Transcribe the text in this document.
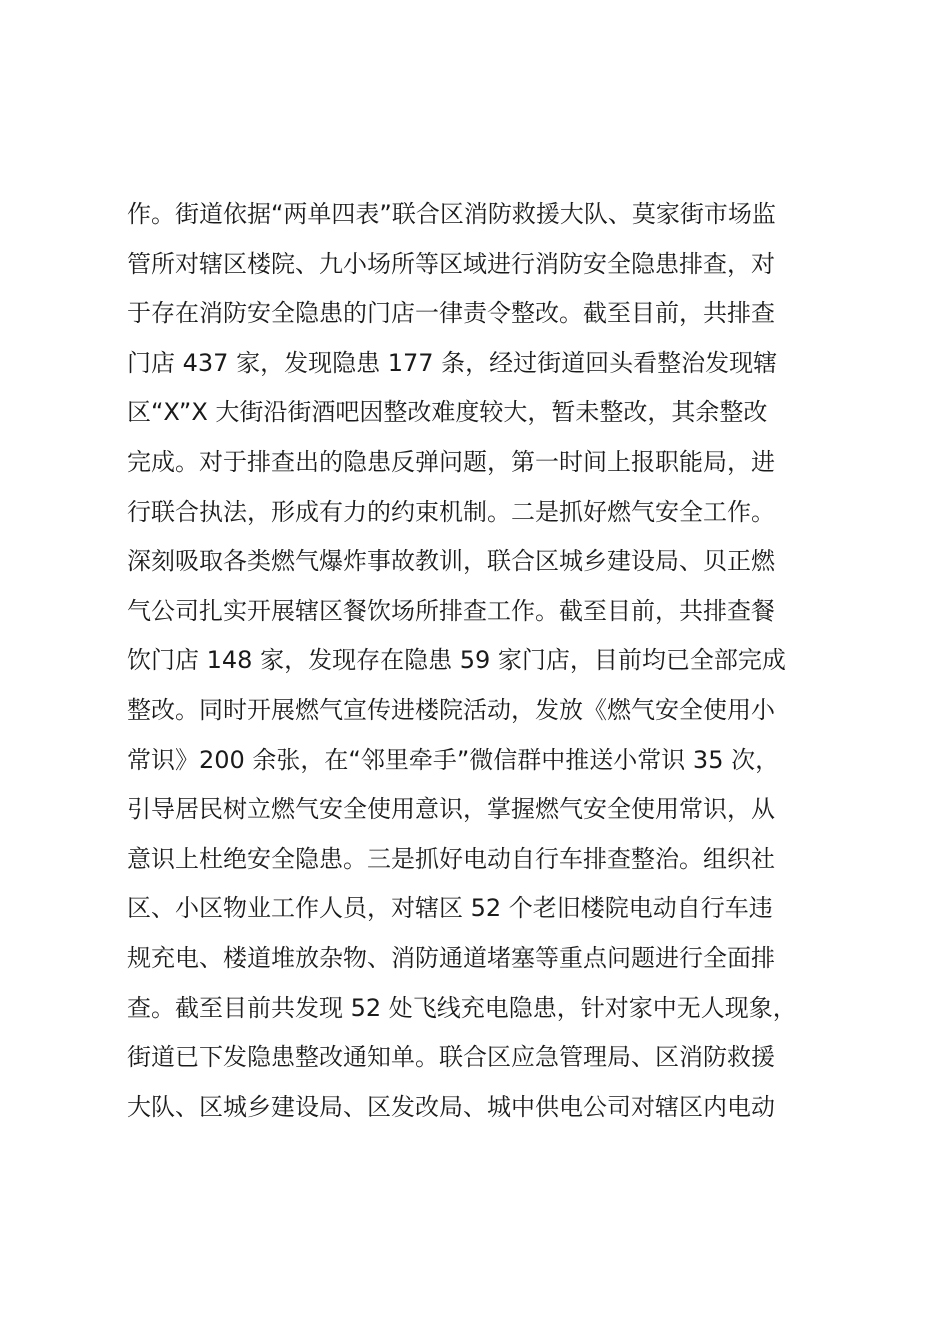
作。街道依据“两单四表”联合区消防救援大队、莫家街市场监
管所对辖区楼院、九小场所等区域进行消防安全隐患排查，对
于存在消防安全隐患的门店一律责令整改。截至目前，共排查
门店 437 家，发现隐患 177 条，经过街道回头看整治发现辖
区“X”X 大街沿街酒吧因整改难度较大，暂未整改，其余整改
完成。对于排查出的隐患反弹问题，第一时间上报职能局，进
行联合执法，形成有力的约束机制。二是抓好燃气安全工作。
深刻吸取各类燃气爆炸事故教训，联合区城乡建设局、贝正燃
气公司扎实开展辖区餐饮场所排查工作。截至目前，共排查餐
饮门店 148 家，发现存在隐患 59 家门店，目前均已全部完成
整改。同时开展燃气宣传进楼院活动，发放《燃气安全使用小
常识》200 余张，在“邻里牵手”微信群中推送小常识 35 次，
引导居民树立燃气安全使用意识，掌握燃气安全使用常识，从
意识上杜绝安全隐患。三是抓好电动自行车排查整治。组织社
区、小区物业工作人员，对辖区 52 个老旧楼院电动自行车违
规充电、楼道堆放杂物、消防通道堵塞等重点问题进行全面排
查。截至目前共发现 52 处飞线充电隐患，针对家中无人现象，
街道已下发隐患整改通知单。联合区应急管理局、区消防救援
大队、区城乡建设局、区发改局、城中供电公司对辖区内电动
